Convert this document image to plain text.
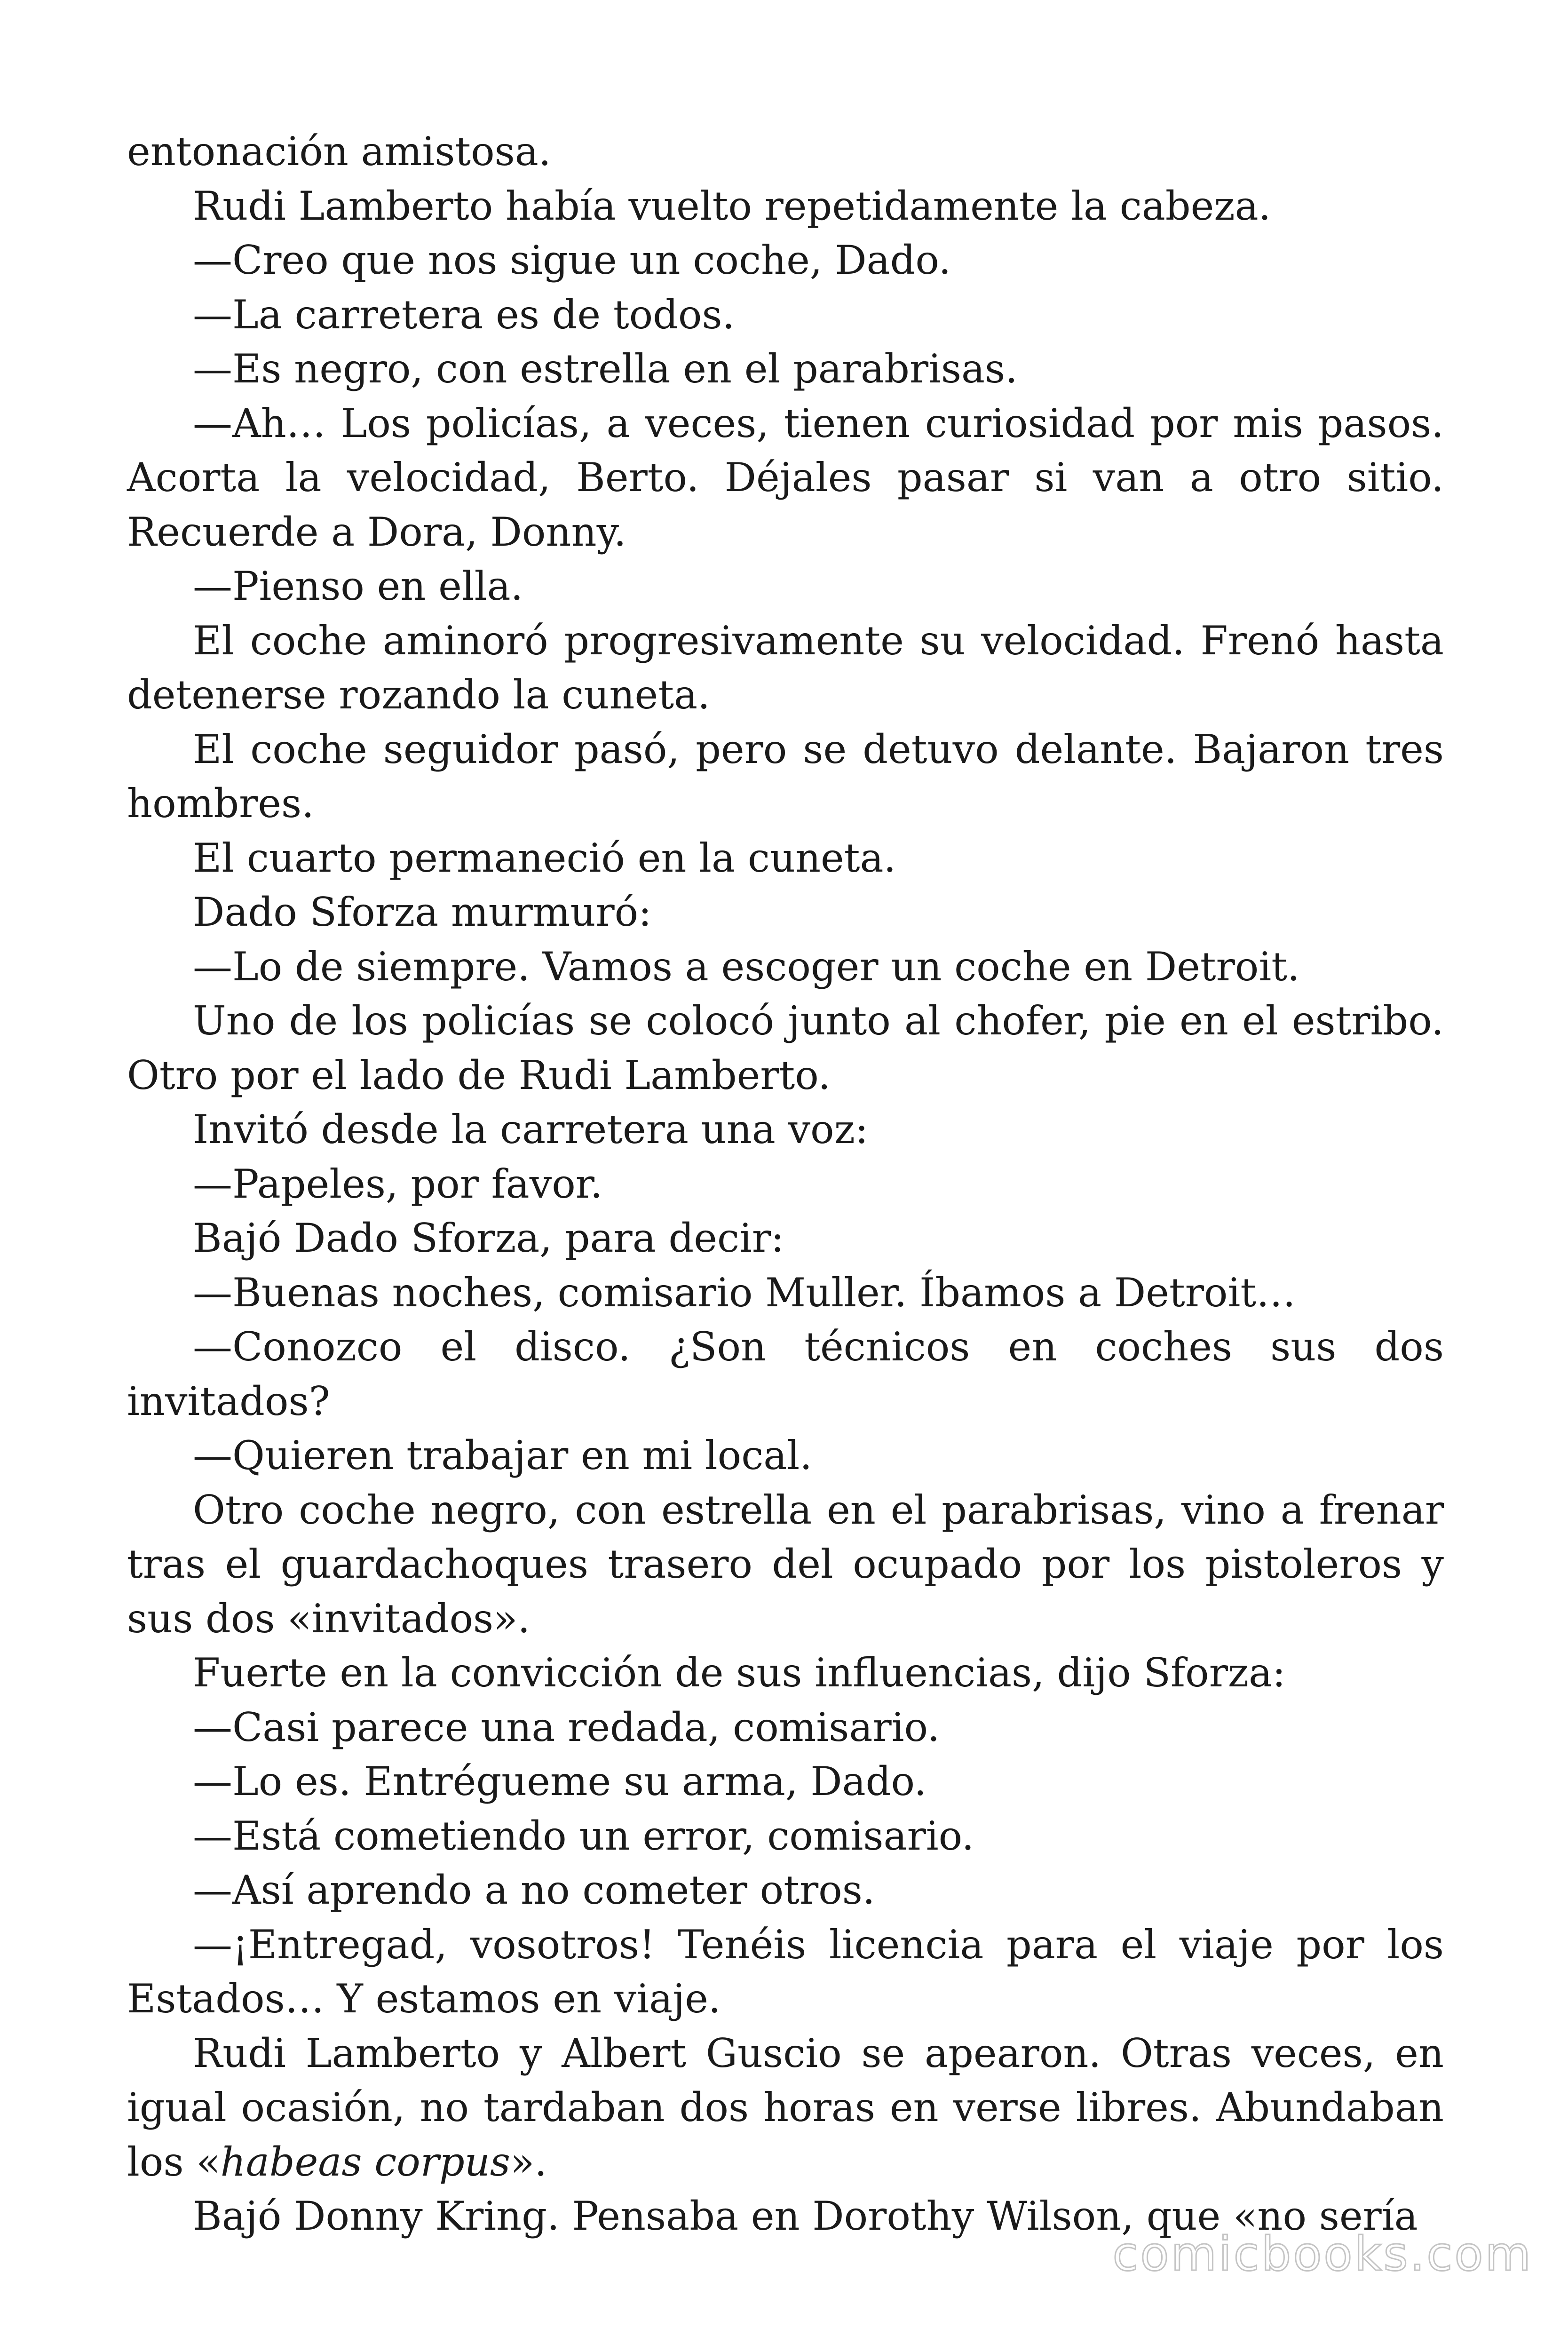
entonación amistosa.

Rudi Lamberto había vuelto repetidamente la cabeza.

—Creo que nos sigue un coche, Dado.

—La carretera es de todos.

—Es negro, con estrella en el parabrisas.

—Ah… Los policías, a veces, tienen curiosidad por mis pasos. Acorta la velocidad, Berto. Déjales pasar si van a otro sitio. Recuerde a Dora, Donny.

—Pienso en ella.

El coche aminoró progresivamente su velocidad. Frenó hasta detenerse rozando la cuneta.

El coche seguidor pasó, pero se detuvo delante. Bajaron tres hombres.

El cuarto permaneció en la cuneta.

Dado Sforza murmuró:

—Lo de siempre. Vamos a escoger un coche en Detroit.

Uno de los policías se colocó junto al chofer, pie en el estribo. Otro por el lado de Rudi Lamberto.

Invitó desde la carretera una voz:

—Papeles, por favor.

Bajó Dado Sforza, para decir:

—Buenas noches, comisario Muller. Íbamos a Detroit…

—Conozco el disco. ¿Son técnicos en coches sus dos invitados?

—Quieren trabajar en mi local.

Otro coche negro, con estrella en el parabrisas, vino a frenar tras el guardachoques trasero del ocupado por los pistoleros y sus dos «invitados».

Fuerte en la convicción de sus influencias, dijo Sforza:

—Casi parece una redada, comisario.

—Lo es. Entrégueme su arma, Dado.

—Está cometiendo un error, comisario.

—Así aprendo a no cometer otros.

—¡Entregad, vosotros! Tenéis licencia para el viaje por los Estados… Y estamos en viaje.

Rudi Lamberto y Albert Guscio se apearon. Otras veces, en igual ocasión, no tardaban dos horas en verse libres. Abundaban los «habeas corpus».

Bajó Donny Kring. Pensaba en Dorothy Wilson, que «no sería

comicbooks.com
